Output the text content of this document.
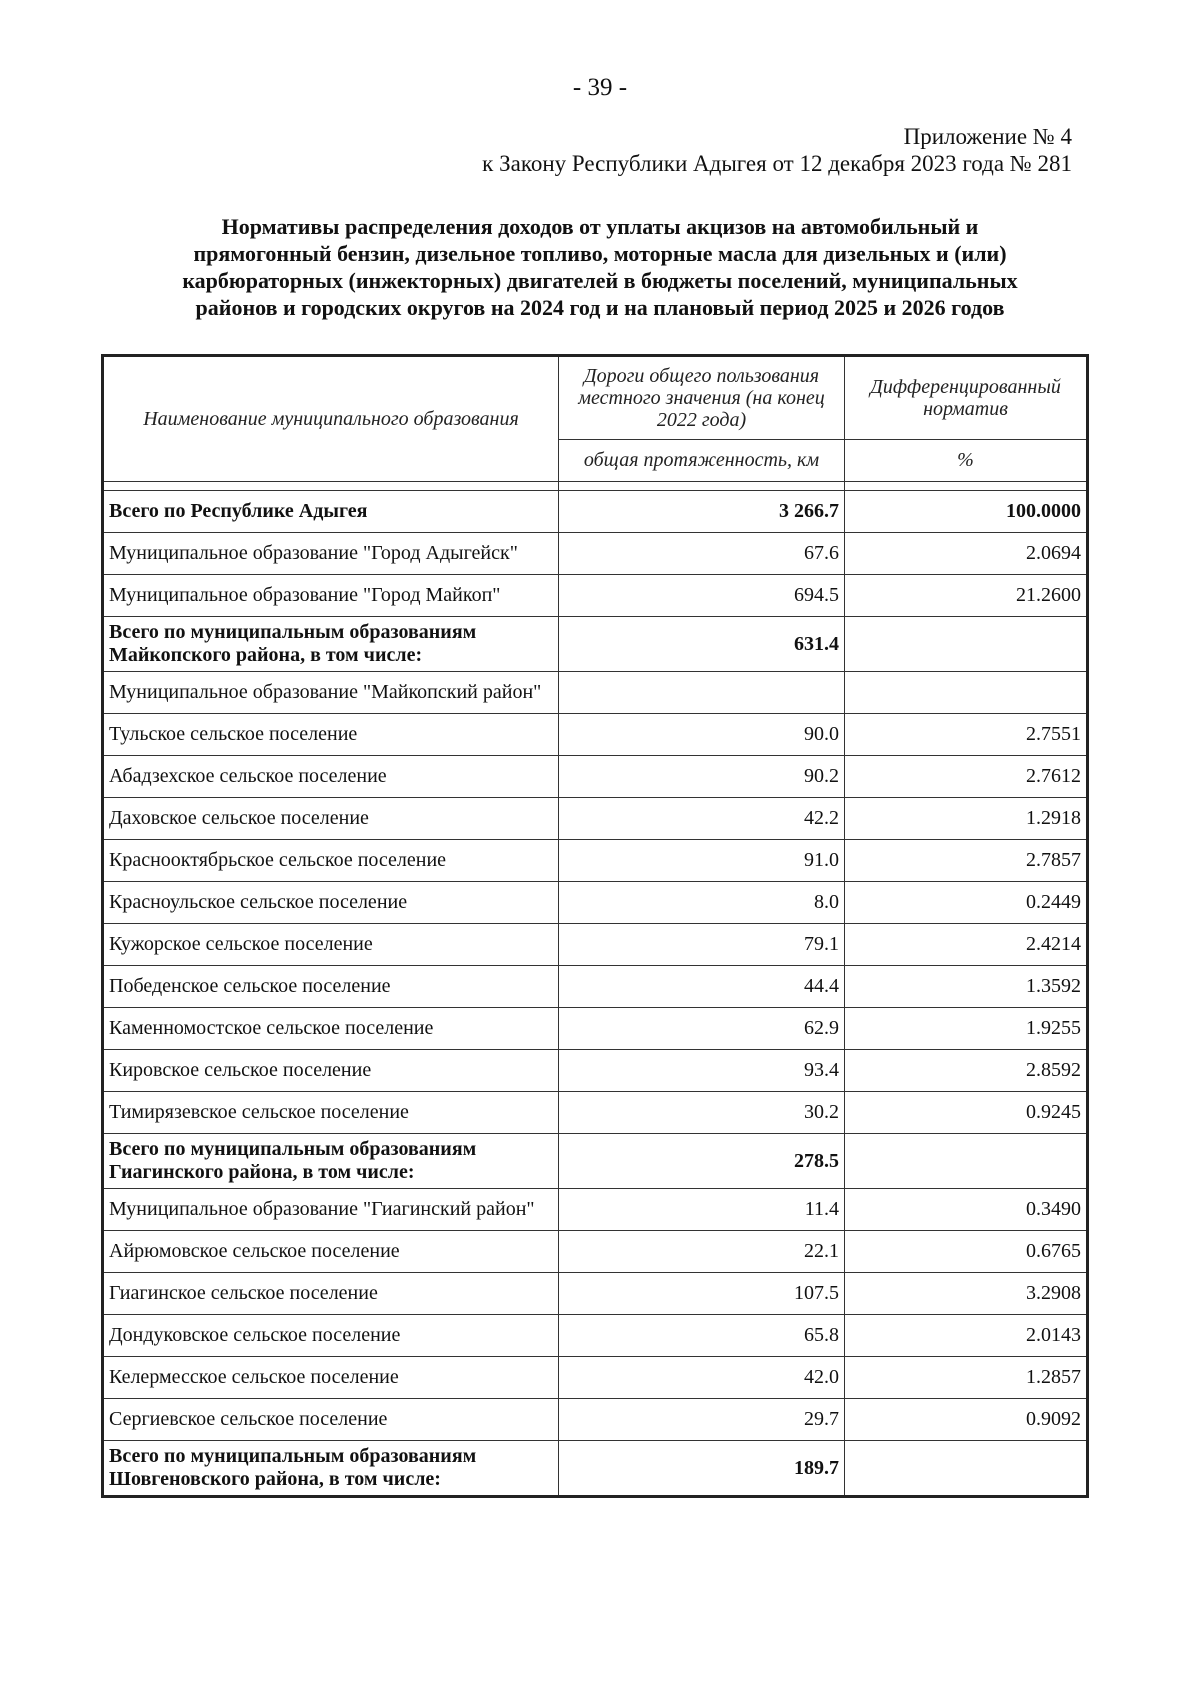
- 39 -
Приложение № 4
к Закону Республики Адыгея от 12 декабря 2023 года № 281
Нормативы распределения доходов от уплаты акцизов на автомобильный и
прямогонный бензин, дизельное топливо, моторные масла для дизельных и (или)
карбюраторных (инжекторных) двигателей в бюджеты поселений, муниципальных
районов и городских округов на 2024 год и на плановый период 2025 и 2026 годов
Наименование муниципального образования	Дороги общего пользования местного значения (на конец 2022 года)	Дифференцированный норматив
	общая протяженность, км	%

Всего по Республике Адыгея	3 266.7	100.0000
Муниципальное образование "Город Адыгейск"	67.6	2.0694
Муниципальное образование "Город Майкоп"	694.5	21.2600
Всего по муниципальным образованиям Майкопского района, в том числе:	631.4	
Муниципальное образование "Майкопский район"		
Тульское сельское поселение	90.0	2.7551
Абадзехское сельское поселение	90.2	2.7612
Даховское сельское поселение	42.2	1.2918
Краснооктябрьское сельское поселение	91.0	2.7857
Красноульское сельское поселение	8.0	0.2449
Кужорское сельское поселение	79.1	2.4214
Победенское сельское поселение	44.4	1.3592
Каменномостское сельское поселение	62.9	1.9255
Кировское сельское поселение	93.4	2.8592
Тимирязевское сельское поселение	30.2	0.9245
Всего по муниципальным образованиям Гиагинского района, в том числе:	278.5	
Муниципальное образование "Гиагинский район"	11.4	0.3490
Айрюмовское сельское поселение	22.1	0.6765
Гиагинское сельское поселение	107.5	3.2908
Дондуковское сельское поселение	65.8	2.0143
Келермесское сельское поселение	42.0	1.2857
Сергиевское сельское поселение	29.7	0.9092
Всего по муниципальным образованиям Шовгеновского района, в том числе:	189.7	
